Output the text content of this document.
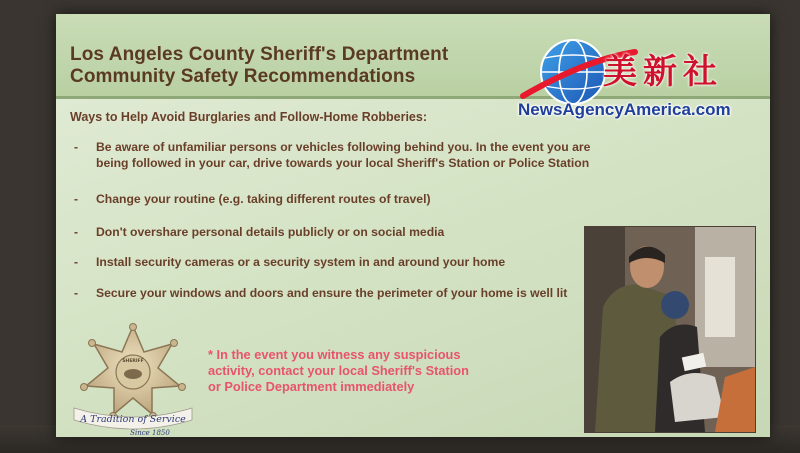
Los Angeles County Sheriff's Department
Community Safety Recommendations
Ways to Help Avoid Burglaries and Follow-Home Robberies:
- Be aware of unfamiliar persons or vehicles following behind you. In the event you are
being followed in your car, drive towards your local Sheriff's Station or Police Station
- Change your routine (e.g. taking different routes of travel)
- Don't overshare personal details publicly or on social media
- Install security cameras or a security system in and around your home
- Secure your windows and doors and ensure the perimeter of your home is well lit
* In the event you witness any suspicious
activity, contact your local Sheriff's Station
or Police Department immediately
SHERIFF
A Tradition of Service
Since 1850
美新社
NewsAgencyAmerica.com
